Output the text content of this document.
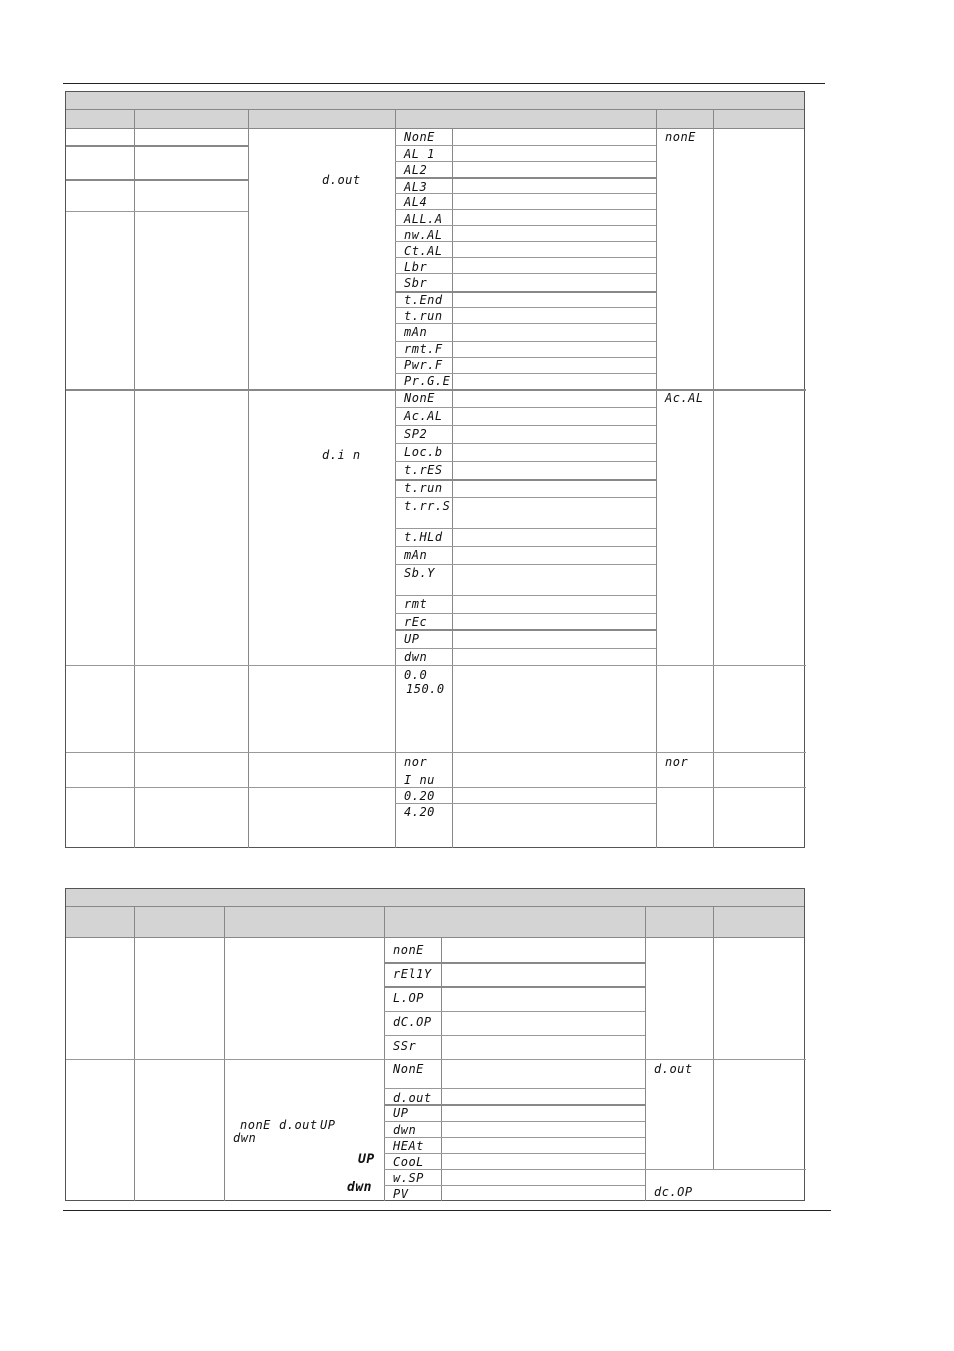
d.out
d.i n
NonE
AL 1
AL2
AL3
AL4
ALL.A
nw.AL
Ct.AL
Lbr
Sbr
t.End
t.run
mAn
rmt.F
Pwr.F
Pr.G.E
nonE
NonE
Ac.AL
SP2
Loc.b
t.rES
t.run
t.rr.S
t.HLd
mAn
Sb.Y
rmt
rEc
UP
dwn
Ac.AL
0.0
150.0
nor
I nu
nor
0.20
4.20
nonE
rEl1Y
L.OP
dC.OP
SSr
NonE
d.out
UP
dwn
HEAt
CooL
w.SP
PV
d.out
dc.OP
nonE d.out UP
dwn
UP
dwn
